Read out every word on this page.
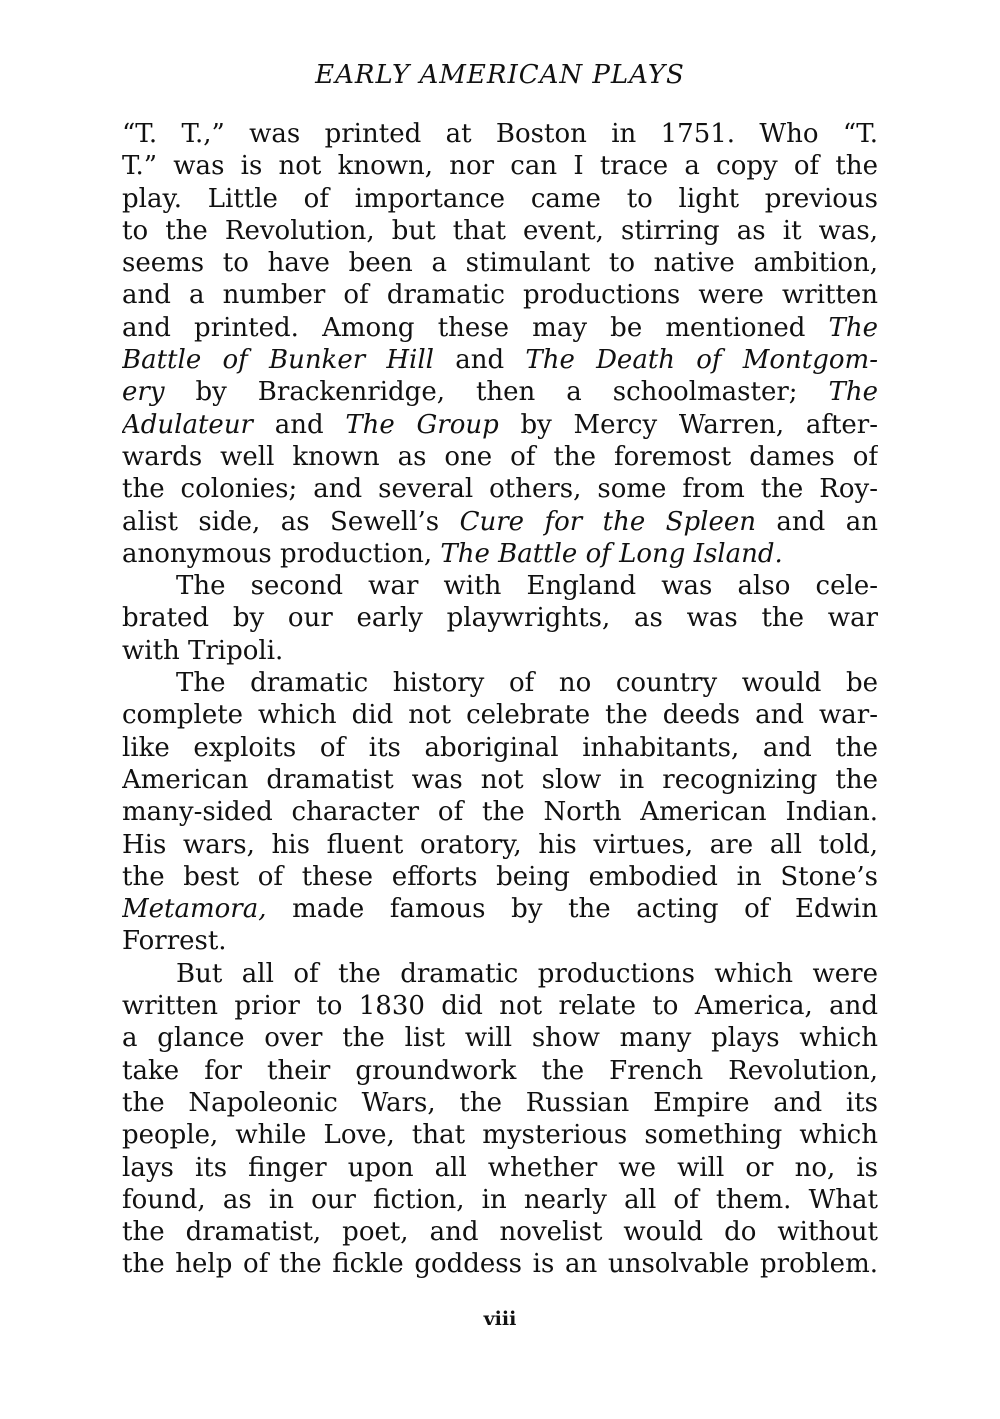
EARLY AMERICAN PLAYS
“T. T.,” was printed at Boston in 1751. Who “T.
T.” was is not known, nor can I trace a copy of the
play. Little of importance came to light previous
to the Revolution, but that event, stirring as it was,
seems to have been a stimulant to native ambition,
and a number of dramatic productions were written
and printed. Among these may be mentioned The
Battle of Bunker Hill and The Death of Montgom-
ery by Brackenridge, then a schoolmaster; The
Adulateur and The Group by Mercy Warren, after-
wards well known as one of the foremost dames of
the colonies; and several others, some from the Roy-
alist side, as Sewell’s Cure for the Spleen and an
anonymous production, The Battle of Long Island.
The second war with England was also cele-
brated by our early playwrights, as was the war
with Tripoli.
The dramatic history of no country would be
complete which did not celebrate the deeds and war-
like exploits of its aboriginal inhabitants, and the
American dramatist was not slow in recognizing the
many-sided character of the North American Indian.
His wars, his fluent oratory, his virtues, are all told,
the best of these efforts being embodied in Stone’s
Metamora, made famous by the acting of Edwin
Forrest.
But all of the dramatic productions which were
written prior to 1830 did not relate to America, and
a glance over the list will show many plays which
take for their groundwork the French Revolution,
the Napoleonic Wars, the Russian Empire and its
people, while Love, that mysterious something which
lays its finger upon all whether we will or no, is
found, as in our fiction, in nearly all of them. What
the dramatist, poet, and novelist would do without
the help of the fickle goddess is an unsolvable problem.
viii
